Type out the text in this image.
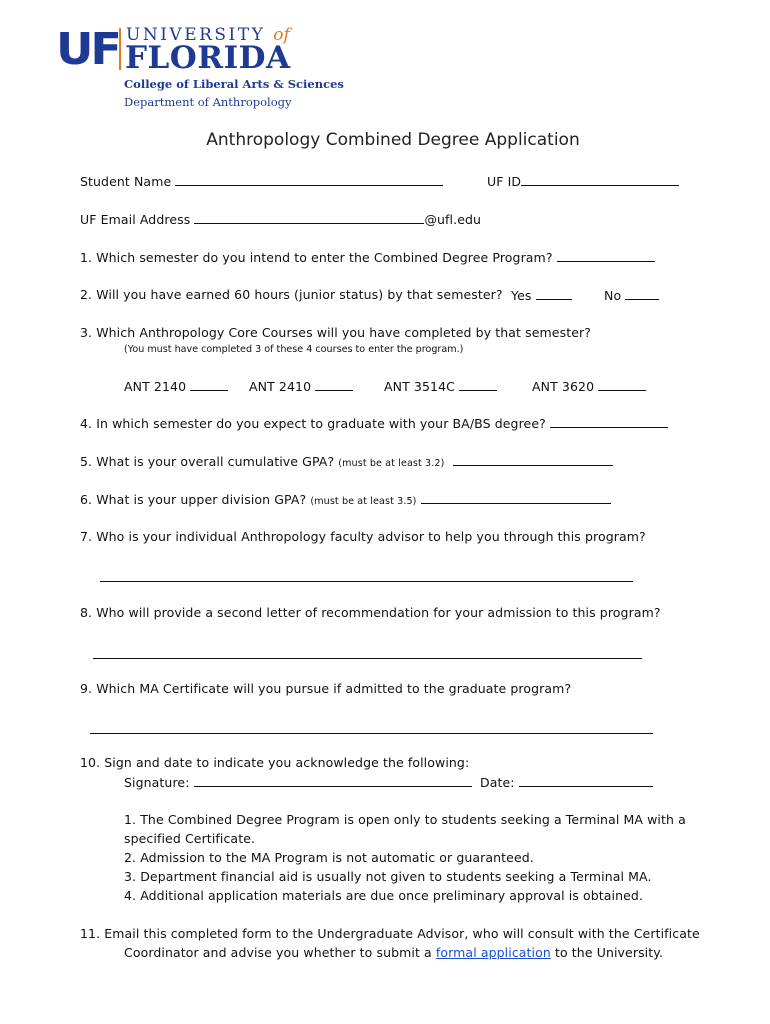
UF UNIVERSITY of
FLORIDA
College of Liberal Arts & Sciences
Department of Anthropology
Anthropology Combined Degree Application
Student Name	UF ID
UF Email Address	@ufl.edu
1. Which semester do you intend to enter the Combined Degree Program?
2. Will you have earned 60 hours (junior status) by that semester? Yes	No
3. Which Anthropology Core Courses will you have completed by that semester?
(You must have completed 3 of these 4 courses to enter the program.)
ANT 2140	ANT 2410	ANT 3514C	ANT 3620
4. In which semester do you expect to graduate with your BA/BS degree?
5. What is your overall cumulative GPA? (must be at least 3.2)
6. What is your upper division GPA? (must be at least 3.5)
7. Who is your individual Anthropology faculty advisor to help you through this program?
8. Who will provide a second letter of recommendation for your admission to this program?
9. Which MA Certificate will you pursue if admitted to the graduate program?
10. Sign and date to indicate you acknowledge the following:
Signature:	Date:
1. The Combined Degree Program is open only to students seeking a Terminal MA with a
specified Certificate.
2. Admission to the MA Program is not automatic or guaranteed.
3. Department financial aid is usually not given to students seeking a Terminal MA.
4. Additional application materials are due once preliminary approval is obtained.
11. Email this completed form to the Undergraduate Advisor, who will consult with the Certificate
Coordinator and advise you whether to submit a formal application to the University.
